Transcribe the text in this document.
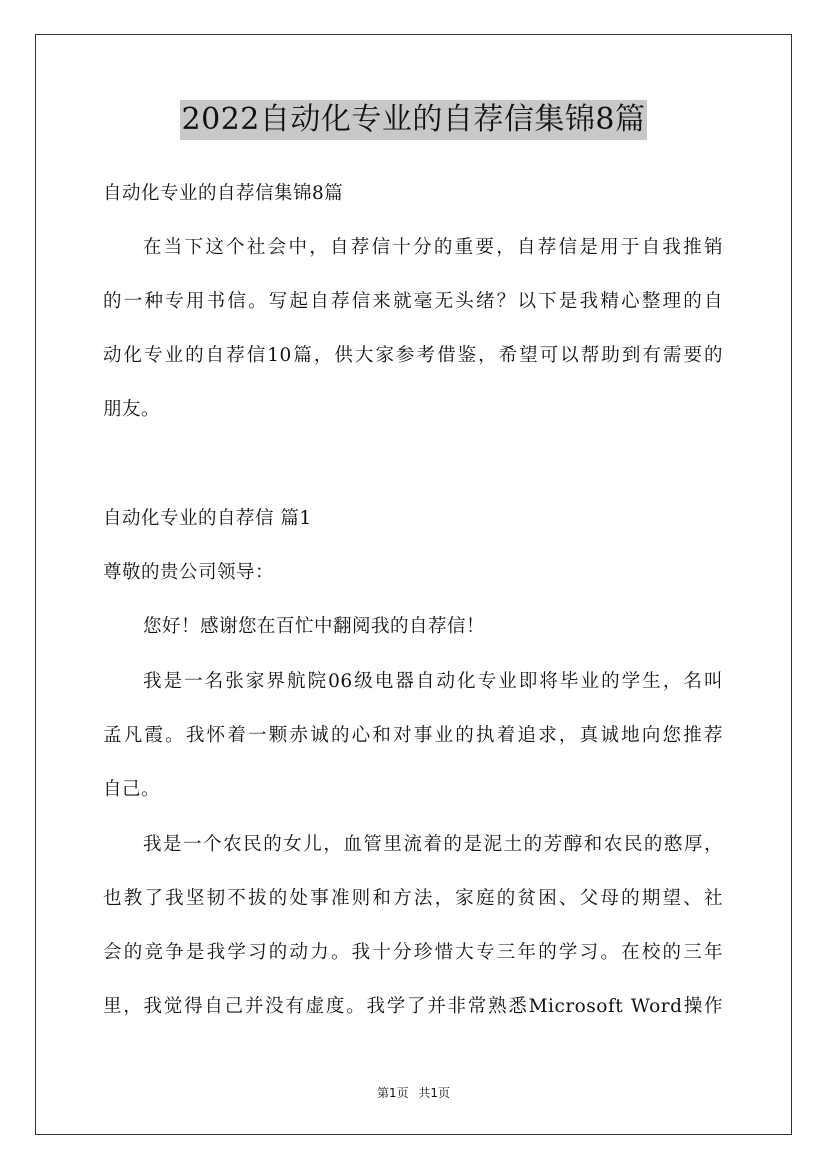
2022自动化专业的自荐信集锦8篇
自动化专业的自荐信集锦8篇
在当下这个社会中，自荐信十分的重要，自荐信是用于自我推销
的一种专用书信。写起自荐信来就毫无头绪？以下是我精心整理的自
动化专业的自荐信10篇，供大家参考借鉴，希望可以帮助到有需要的
朋友。
自动化专业的自荐信 篇1
尊敬的贵公司领导：
您好！感谢您在百忙中翻阅我的自荐信！
我是一名张家界航院06级电器自动化专业即将毕业的学生，名叫
孟凡霞。我怀着一颗赤诚的心和对事业的执着追求，真诚地向您推荐
自己。
我是一个农民的女儿，血管里流着的是泥土的芳醇和农民的憨厚，
也教了我坚韧不拔的处事准则和方法，家庭的贫困、父母的期望、社
会的竞争是我学习的动力。我十分珍惜大专三年的学习。在校的三年
里，我觉得自己并没有虚度。我学了并非常熟悉Microsoft Word操作
第1页 共1页
